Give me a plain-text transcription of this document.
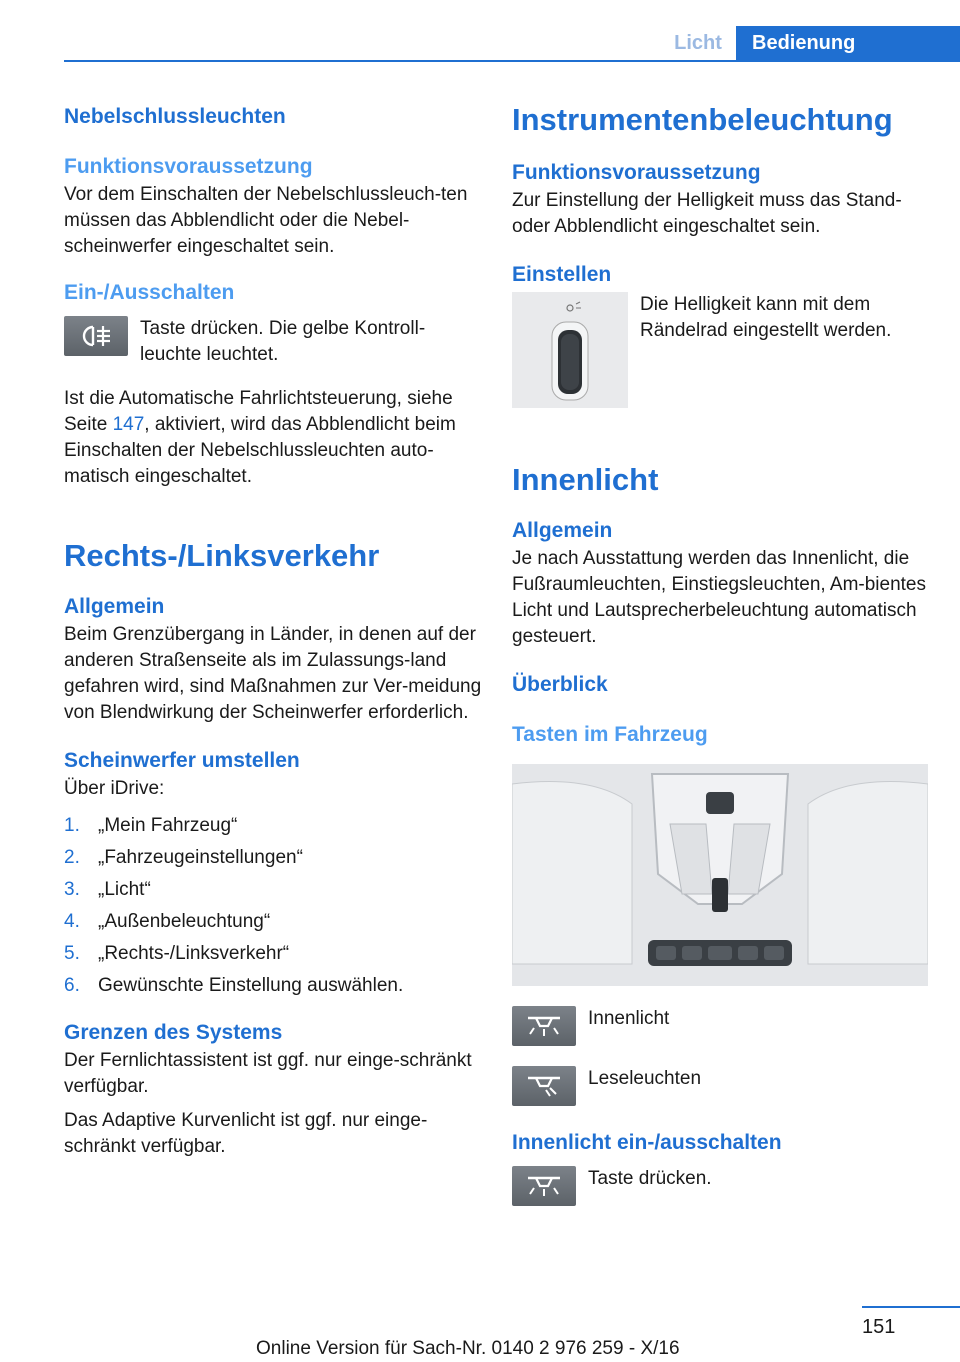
Licht	Bedienung
Nebelschlussleuchten
Funktionsvoraussetzung

Vor dem Einschalten der Nebelschlussleuch-ten müssen das Abblendlicht oder die Nebel-scheinwerfer eingeschaltet sein.

Ein-/Ausschalten
Taste drücken. Die gelbe Kontroll-leuchte leuchtet.

Ist die Automatische Fahrlichtsteuerung, siehe Seite 147, aktiviert, wird das Abblendlicht beim Einschalten der Nebelschlussleuchten auto-matisch eingeschaltet.

Rechts-/Linksverkehr
Allgemein

Beim Grenzübergang in Länder, in denen auf der anderen Straßenseite als im Zulassungs-land gefahren wird, sind Maßnahmen zur Ver-meidung von Blendwirkung der Scheinwerfer erforderlich.

Scheinwerfer umstellen

Über iDrive:

1. „Mein Fahrzeug“
2. „Fahrzeugeinstellungen“
3. „Licht“
4. „Außenbeleuchtung“
5. „Rechts-/Linksverkehr“
6. Gewünschte Einstellung auswählen.
Grenzen des Systems

Der Fernlichtassistent ist ggf. nur einge-schränkt verfügbar.

Das Adaptive Kurvenlicht ist ggf. nur einge-schränkt verfügbar.

Instrumentenbeleuchtung
Funktionsvoraussetzung

Zur Einstellung der Helligkeit muss das Stand-oder Abblendlicht eingeschaltet sein.

Einstellen
Die Helligkeit kann mit dem Rändelrad eingestellt werden.
Innenlicht
Allgemein

Je nach Ausstattung werden das Innenlicht, die Fußraumleuchten, Einstiegsleuchten, Am-bientes Licht und Lautsprecherbeleuchtung automatisch gesteuert.

Überblick
Tasten im Fahrzeug
Innenlicht
Leseleuchten
Innenlicht ein-/ausschalten
Taste drücken.
151
Online Version für Sach-Nr. 0140 2 976 259 - X/16
